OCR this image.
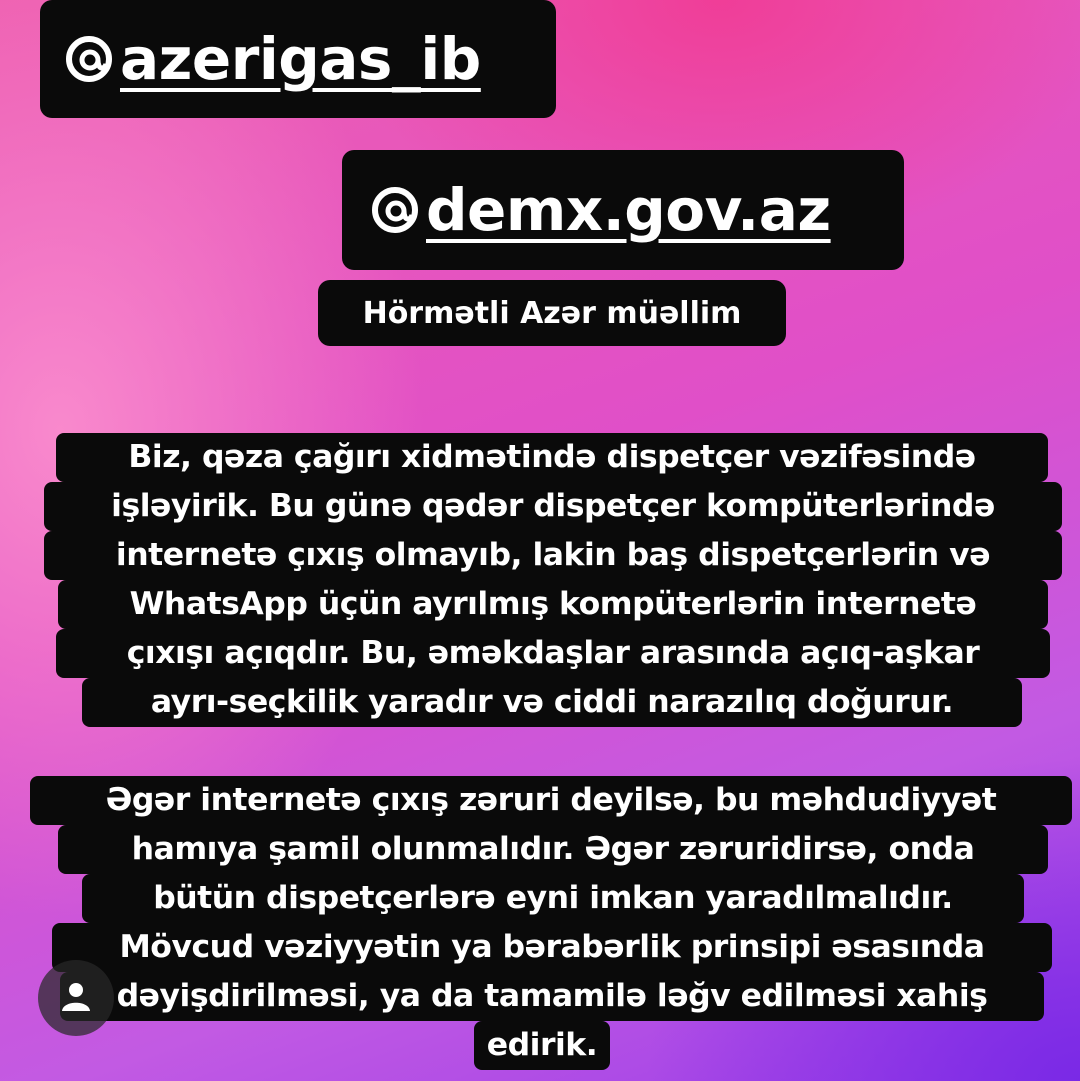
azerigas_ib
demx.gov.az
Hörmətli Azər müəllim
Biz, qəza çağırı xidmətində dispetçer vəzifəsində
işləyirik. Bu günə qədər dispetçer kompüterlərində
internetə çıxış olmayıb, lakin baş dispetçerlərin və
WhatsApp üçün ayrılmış kompüterlərin internetə
çıxışı açıqdır. Bu, əməkdaşlar arasında açıq-aşkar
ayrı-seçkilik yaradır və ciddi narazılıq doğurur.
Əgər internetə çıxış zəruri deyilsə, bu məhdudiyyət
hamıya şamil olunmalıdır. Əgər zəruridirsə, onda
bütün dispetçerlərə eyni imkan yaradılmalıdır.
Mövcud vəziyyətin ya bərabərlik prinsipi əsasında
dəyişdirilməsi, ya da tamamilə ləğv edilməsi xahiş
edirik.
